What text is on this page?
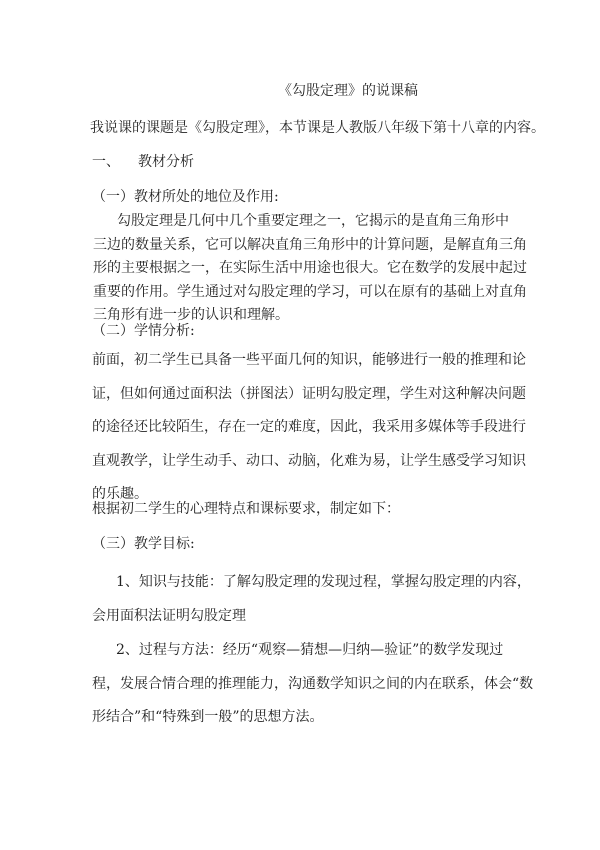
《勾股定理》的说课稿
我说课的课题是《勾股定理》，本节课是人教版八年级下第十八章的内容。
一、 教材分析
（一）教材所处的地位及作用:
勾股定理是几何中几个重要定理之一，它揭示的是直角三角形中
三边的数量关系，它可以解决直角三角形中的计算问题，是解直角三角
形的主要根据之一，在实际生活中用途也很大。它在数学的发展中起过
重要的作用。学生通过对勾股定理的学习，可以在原有的基础上对直角
三角形有进一步的认识和理解。
（二）学情分析:
前面，初二学生已具备一些平面几何的知识，能够进行一般的推理和论
证，但如何通过面积法（拼图法）证明勾股定理，学生对这种解决问题
的途径还比较陌生，存在一定的难度，因此，我采用多媒体等手段进行
直观教学，让学生动手、动口、动脑，化难为易，让学生感受学习知识
的乐趣。
根据初二学生的心理特点和课标要求，制定如下：
（三）教学目标:
1、知识与技能：了解勾股定理的发现过程，掌握勾股定理的内容，
会用面积法证明勾股定理
2、过程与方法：经历“观察—猜想—归纳—验证”的数学发现过
程，发展合情合理的推理能力，沟通数学知识之间的内在联系，体会“数
形结合”和“特殊到一般”的思想方法。
